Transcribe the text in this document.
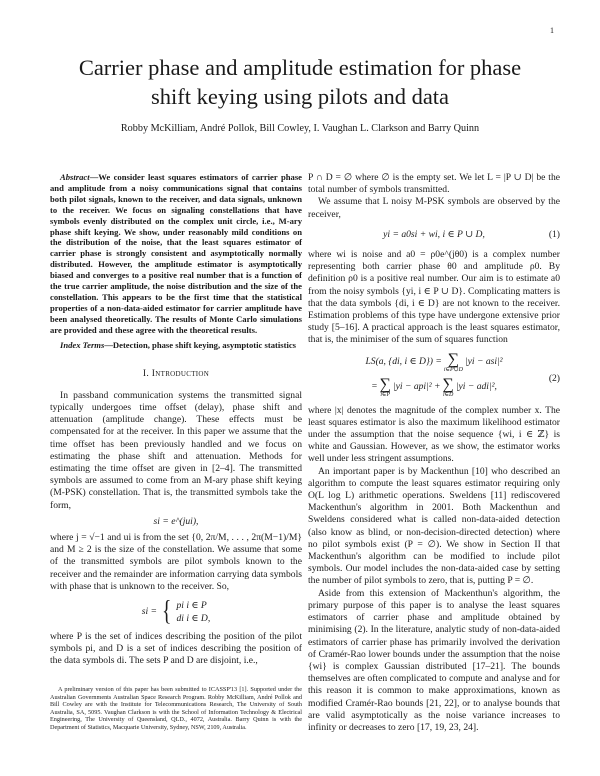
1
Carrier phase and amplitude estimation for phase
shift keying using pilots and data
Robby McKilliam, André Pollok, Bill Cowley, I. Vaughan L. Clarkson and Barry Quinn

Abstract—We consider least squares estimators of carrier phase and amplitude from a noisy communications signal that contains both pilot signals, known to the receiver, and data signals, unknown to the receiver. We focus on signaling constellations that have symbols evenly distributed on the complex unit circle, i.e., M-ary phase shift keying. We show, under reasonably mild conditions on the distribution of the noise, that the least squares estimator of carrier phase is strongly consistent and asymptotically normally distributed. However, the amplitude estimator is asymptotically biased and converges to a positive real number that is a function of the true carrier amplitude, the noise distribution and the size of the constellation. This appears to be the first time that the statistical properties of a non-data-aided estimator for carrier amplitude have been analysed theoretically. The results of Monte Carlo simulations are provided and these agree with the theoretical results.

Index Terms—Detection, phase shift keying, asymptotic statistics

I. Introduction

In passband communication systems the transmitted signal typically undergoes time offset (delay), phase shift and attenuation (amplitude change). These effects must be compensated for at the receiver. In this paper we assume that the time offset has been previously handled and we focus on estimating the phase shift and attenuation. Methods for estimating the time offset are given in [2–4]. The transmitted symbols are assumed to come from an M-ary phase shift keying (M-PSK) constellation. That is, the transmitted symbols take the form,

si = e^(jui),

where j = √−1 and ui is from the set {0, 2π/M, . . . , 2π(M−1)/M} and M ≥ 2 is the size of the constellation. We assume that some of the transmitted symbols are pilot symbols known to the receiver and the remainder are information carrying data symbols with phase that is unknown to the receiver. So,

si = { pi i ∈ P
di i ∈ D,

where P is the set of indices describing the position of the pilot symbols pi, and D is a set of indices describing the position of the data symbols di. The sets P and D are disjoint, i.e.,

A preliminary version of this paper has been submitted to ICASSP'13 [1]. Supported under the Australian Governments Australian Space Research Program. Robby McKilliam, André Pollok and Bill Cowley are with the Institute for Telecommunications Research, The University of South Australia, SA, 5095. Vaughan Clarkson is with the School of Information Technology & Electrical Engineering, The University of Queensland, QLD., 4072, Australia. Barry Quinn is with the Department of Statistics, Macquarie University, Sydney, NSW, 2109, Australia.

P ∩ D = ∅ where ∅ is the empty set. We let L = |P ∪ D| be the total number of symbols transmitted.

We assume that L noisy M-PSK symbols are observed by the receiver,

yi = a0si + wi, i ∈ P ∪ D,	(1)

where wi is noise and a0 = ρ0e^(jθ0) is a complex number representing both carrier phase θ0 and amplitude ρ0. By definition ρ0 is a positive real number. Our aim is to estimate a0 from the noisy symbols {yi, i ∈ P ∪ D}. Complicating matters is that the data symbols {di, i ∈ D} are not known to the receiver. Estimation problems of this type have undergone extensive prior study [5–16]. A practical approach is the least squares estimator, that is, the minimiser of the sum of squares function

LS(a, {di, i ∈ D}) = ∑
i∈P∪D
|yi − asi|²
= ∑
i∈P
|yi − api|² + ∑
i∈D
|yi − adi|²,
(2)

where |x| denotes the magnitude of the complex number x. The least squares estimator is also the maximum likelihood estimator under the assumption that the noise sequence {wi, i ∈ ℤ} is white and Gaussian. However, as we show, the estimator works well under less stringent assumptions.

An important paper is by Mackenthun [10] who described an algorithm to compute the least squares estimator requiring only O(L log L) arithmetic operations. Sweldens [11] rediscovered Mackenthun's algorithm in 2001. Both Mackenthun and Sweldens considered what is called non-data-aided detection (also know as blind, or non-decision-directed detection) where no pilot symbols exist (P = ∅). We show in Section II that Mackenthun's algorithm can be modified to include pilot symbols. Our model includes the non-data-aided case by setting the number of pilot symbols to zero, that is, putting P = ∅.

Aside from this extension of Mackenthun's algorithm, the primary purpose of this paper is to analyse the least squares estimators of carrier phase and amplitude obtained by minimising (2). In the literature, analytic study of non-data-aided estimators of carrier phase has primarily involved the derivation of Cramér-Rao lower bounds under the assumption that the noise {wi} is complex Gaussian distributed [17–21]. The bounds themselves are often complicated to compute and analyse and for this reason it is common to make approximations, known as modified Cramér-Rao bounds [21, 22], or to analyse bounds that are valid asymptotically as the noise variance increases to infinity or decreases to zero [17, 19, 23, 24].
